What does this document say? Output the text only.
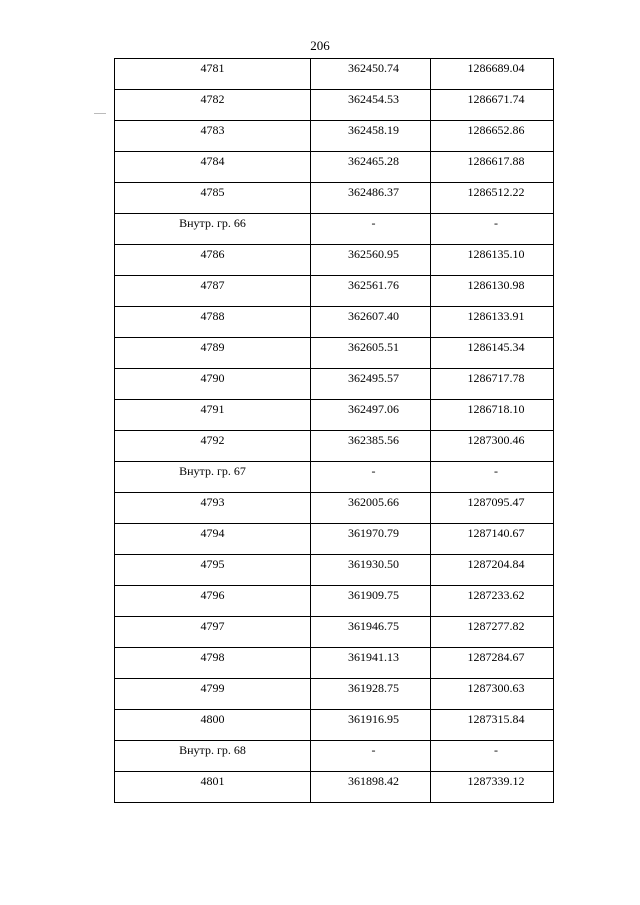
206
4781	362450.74	1286689.04
4782	362454.53	1286671.74
4783	362458.19	1286652.86
4784	362465.28	1286617.88
4785	362486.37	1286512.22
Внутр. гр. 66	-	-
4786	362560.95	1286135.10
4787	362561.76	1286130.98
4788	362607.40	1286133.91
4789	362605.51	1286145.34
4790	362495.57	1286717.78
4791	362497.06	1286718.10
4792	362385.56	1287300.46
Внутр. гр. 67	-	-
4793	362005.66	1287095.47
4794	361970.79	1287140.67
4795	361930.50	1287204.84
4796	361909.75	1287233.62
4797	361946.75	1287277.82
4798	361941.13	1287284.67
4799	361928.75	1287300.63
4800	361916.95	1287315.84
Внутр. гр. 68	-	-
4801	361898.42	1287339.12
